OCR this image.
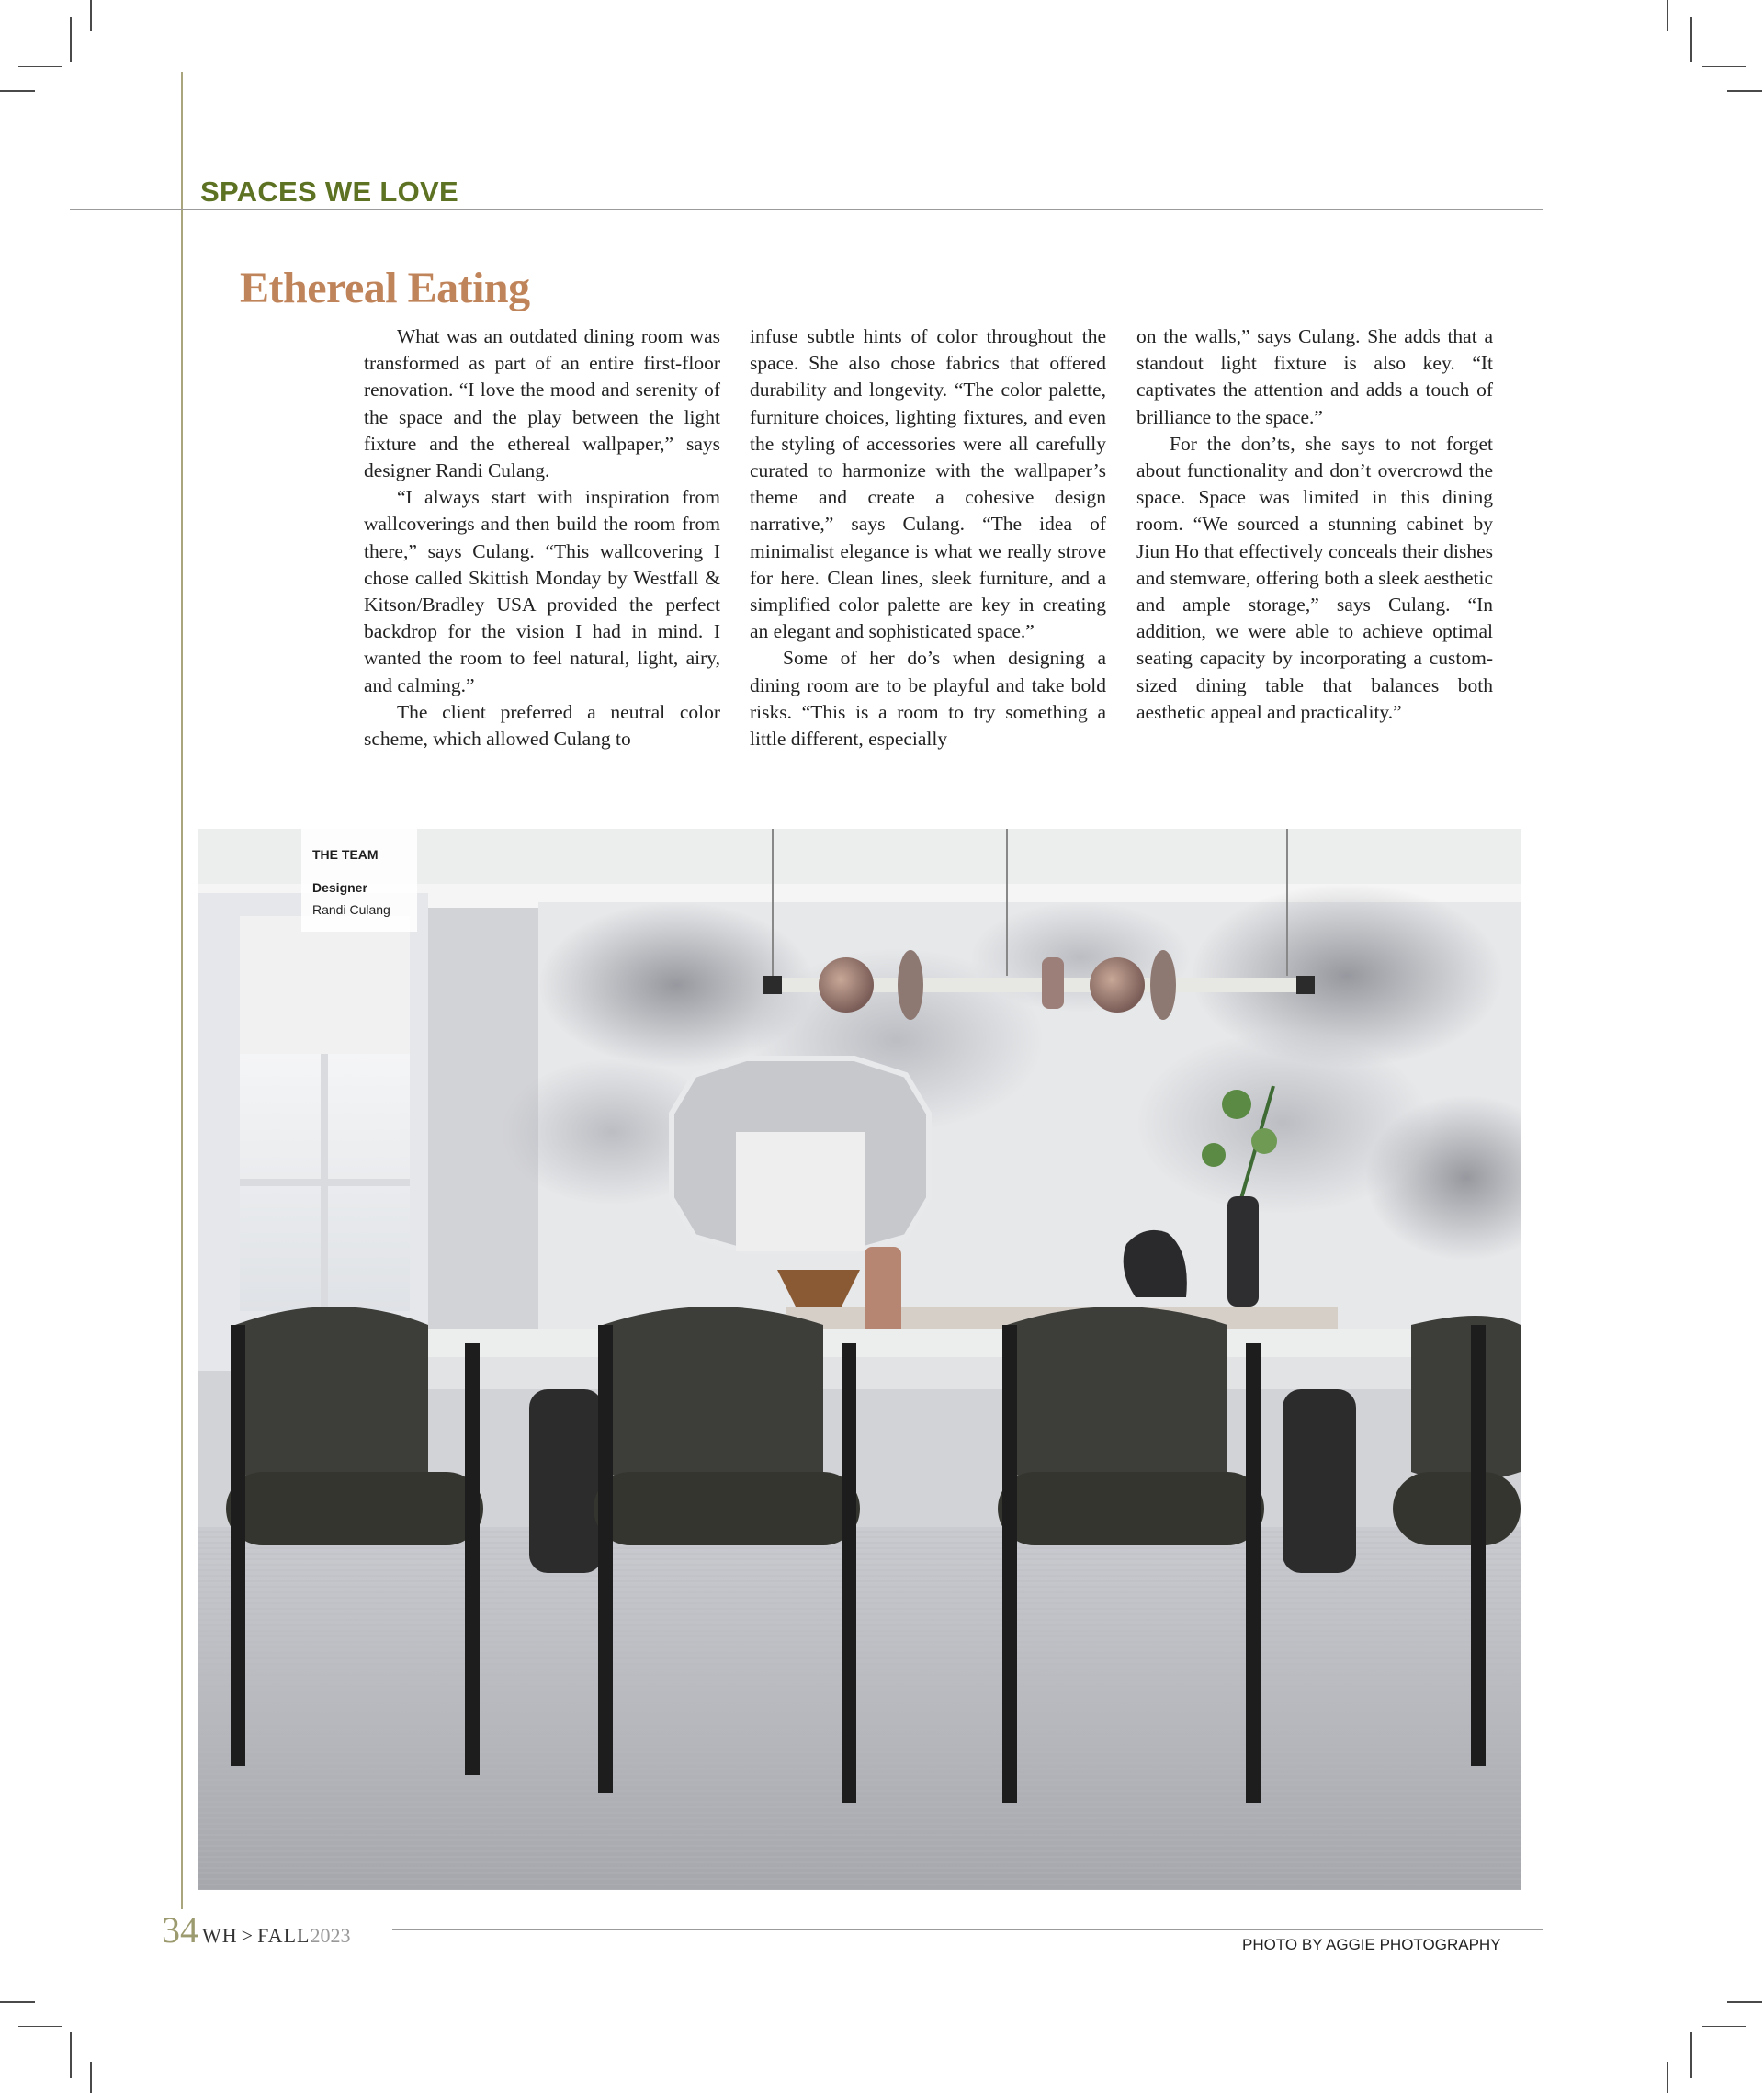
SPACES WE LOVE
Ethereal Eating

What was an outdated dining room was transformed as part of an entire first-floor renovation. “I love the mood and serenity of the space and the play between the light fixture and the ethereal wallpaper,” says designer Randi Culang.

“I always start with inspiration from wallcoverings and then build the room from there,” says Culang. “This wallcovering I chose called Skittish Monday by Westfall & Kitson/Bradley USA provided the perfect backdrop for the vision I had in mind. I wanted the room to feel natural, light, airy, and calming.”

The client preferred a neutral color scheme, which allowed Culang to

infuse subtle hints of color throughout the space. She also chose fabrics that offered durability and longevity. “The color palette, furniture choices, lighting fixtures, and even the styling of accessories were all carefully curated to harmonize with the wallpaper’s theme and create a cohesive design narrative,” says Culang. “The idea of minimalist elegance is what we really strove for here. Clean lines, sleek furniture, and a simplified color palette are key in creating an elegant and sophisticated space.”

Some of her do’s when designing a dining room are to be playful and take bold risks. “This is a room to try something a little different, especially

on the walls,” says Culang. She adds that a standout light fixture is also key. “It captivates the attention and adds a touch of brilliance to the space.”

For the don’ts, she says to not forget about functionality and don’t overcrowd the space. Space was limited in this dining room. “We sourced a stunning cabinet by Jiun Ho that effectively conceals their dishes and stemware, offering both a sleek aesthetic and ample storage,” says Culang. “In addition, we were able to achieve optimal seating capacity by incorporating a custom-sized dining table that balances both aesthetic appeal and practicality.”

THE TEAM
Designer
Randi Culang
34 WH > FALL2023	PHOTO BY AGGIE PHOTOGRAPHY
